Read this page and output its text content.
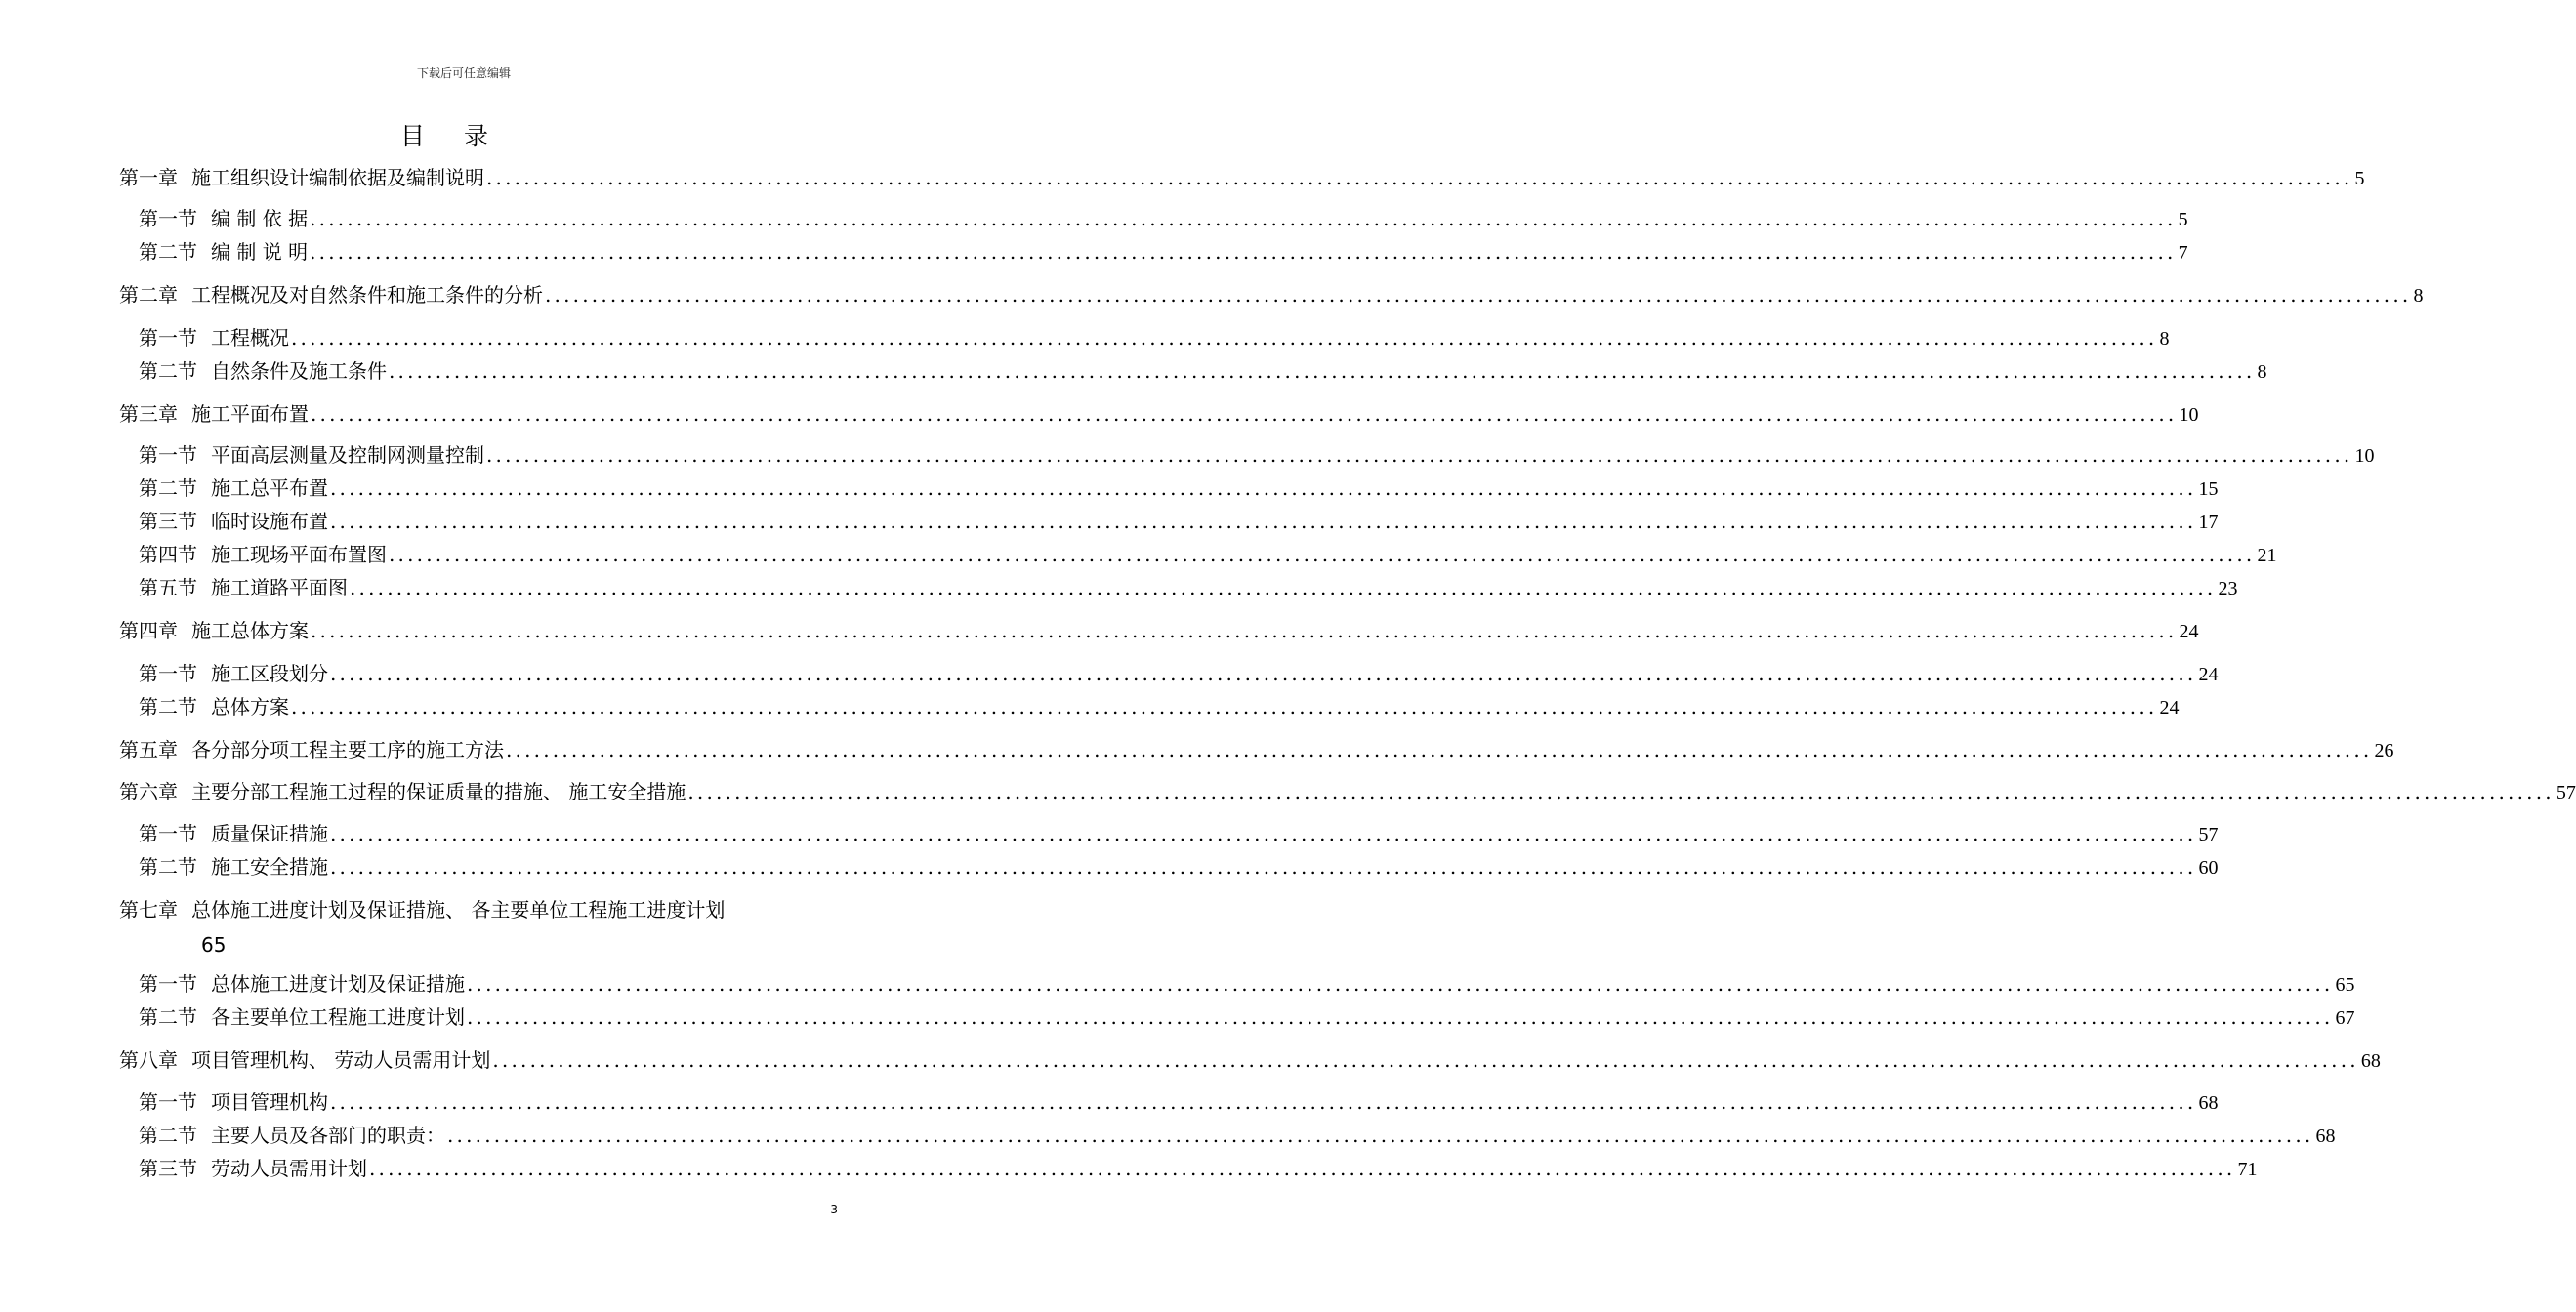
下载后可任意编辑
目录
第一章 施工组织设计编制依据及编制说明 ........................................................................................................................................................................................................ 5
第一节 编 制 依 据 ........................................................................................................................................................................................................ 5
第二节 编 制 说 明 ........................................................................................................................................................................................................ 7
第二章 工程概况及对自然条件和施工条件的分析 ........................................................................................................................................................................................................ 8
第一节 工程概况 ........................................................................................................................................................................................................ 8
第二节 自然条件及施工条件 ........................................................................................................................................................................................................ 8
第三章 施工平面布置 ........................................................................................................................................................................................................ 10
第一节 平面高层测量及控制网测量控制 ........................................................................................................................................................................................................ 10
第二节 施工总平布置 ........................................................................................................................................................................................................ 15
第三节 临时设施布置 ........................................................................................................................................................................................................ 17
第四节 施工现场平面布置图 ........................................................................................................................................................................................................ 21
第五节 施工道路平面图 ........................................................................................................................................................................................................ 23
第四章 施工总体方案 ........................................................................................................................................................................................................ 24
第一节 施工区段划分 ........................................................................................................................................................................................................ 24
第二节 总体方案 ........................................................................................................................................................................................................ 24
第五章 各分部分项工程主要工序的施工方法 ........................................................................................................................................................................................................ 26
第六章 主要分部工程施工过程的保证质量的措施、 施工安全措施 ........................................................................................................................................................................................................ 57
第一节 质量保证措施 ........................................................................................................................................................................................................ 57
第二节 施工安全措施 ........................................................................................................................................................................................................ 60
第七章 总体施工进度计划及保证措施、 各主要单位工程施工进度计划
65
第一节 总体施工进度计划及保证措施 ........................................................................................................................................................................................................ 65
第二节 各主要单位工程施工进度计划 ........................................................................................................................................................................................................ 67
第八章 项目管理机构、 劳动人员需用计划 ........................................................................................................................................................................................................ 68
第一节 项目管理机构 ........................................................................................................................................................................................................ 68
第二节 主要人员及各部门的职责： ........................................................................................................................................................................................................ 68
第三节 劳动人员需用计划 ........................................................................................................................................................................................................ 71
3
